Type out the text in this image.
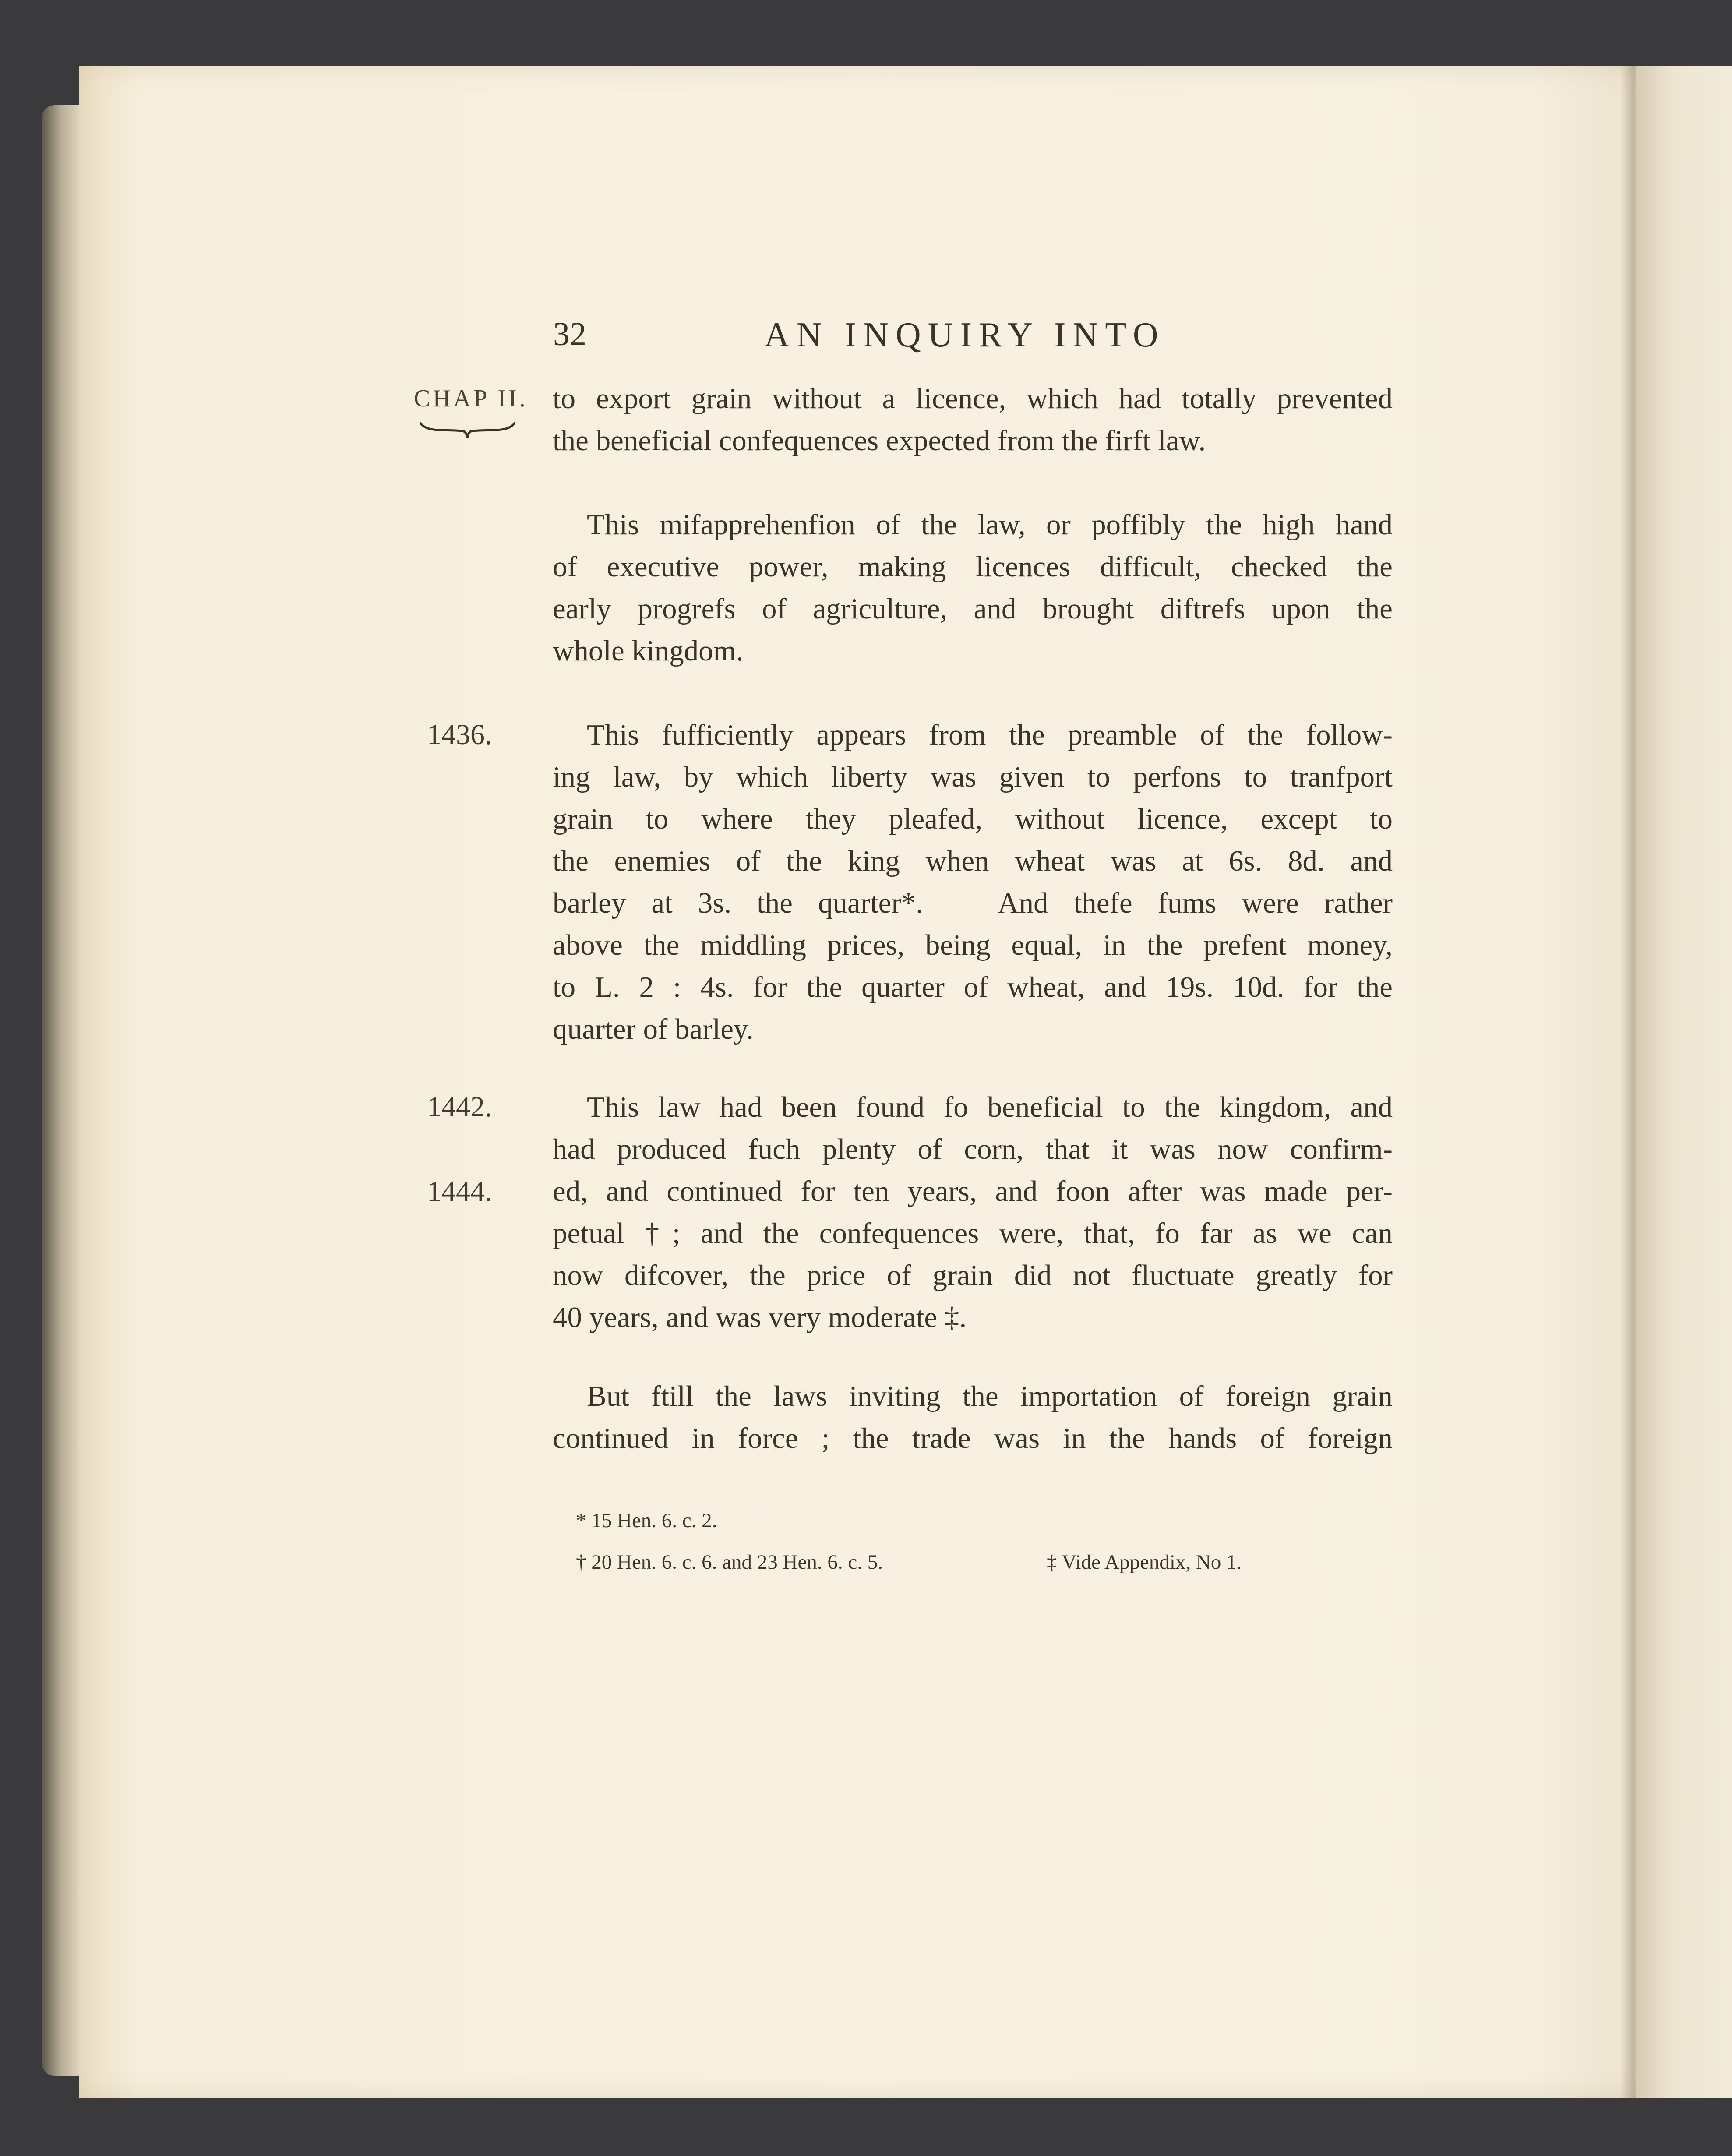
32	AN INQUIRY INTO
CHAP II. to export grain without a licence, which had totally prevented
the beneficial confequences expected from the firft law.
This mifapprehenfion of the law, or poffibly the high hand
of executive power, making licences difficult, checked the
early progrefs of agriculture, and brought diftrefs upon the
whole kingdom.
1436.	This fufficiently appears from the preamble of the follow-
ing law, by which liberty was given to perfons to tranfport
grain to where they pleafed, without licence, except to
the enemies of the king when wheat was at 6s. 8d. and
barley at 3s. the quarter*.   And thefe fums were rather
above the middling prices, being equal, in the prefent money,
to L. 2 : 4s. for the quarter of wheat, and 19s. 10d. for the
quarter of barley.
1442.
1444.
This law had been found fo beneficial to the kingdom, and
had produced fuch plenty of corn, that it was now confirm-
ed, and continued for ten years, and foon after was made per-
petual †; and the confequences were, that, fo far as we can
now difcover, the price of grain did not fluctuate greatly for
40 years, and was very moderate ‡.
But ftill the laws inviting the importation of foreign grain
continued in force ; the trade was in the hands of foreign
* 15 Hen. 6. c. 2.
† 20 Hen. 6. c. 6. and 23 Hen. 6. c. 5.	‡ Vide Appendix, No 1.
